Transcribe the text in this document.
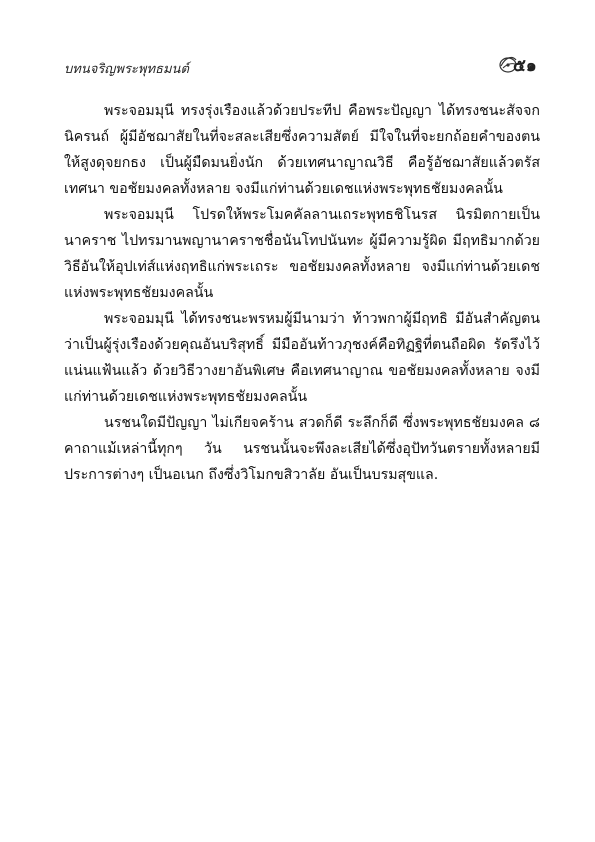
บทนจริญพระพุทธมนต์	๕๑

พระจอมมุนี ทรงรุ่งเรืองแล้วด้วยประทีป คือพระปัญญา ได้ทรงชนะสัจจกนิครนถ์ ผู้มีอัชฌาสัยในที่จะสละเสียซึ่งความสัตย์ มีใจในที่จะยกถ้อยคำของตน ให้สูงดุจยกธง เป็นผู้มืดมนยิ่งนัก ด้วยเทศนาญาณวิธี คือรู้อัชฌาสัยแล้วตรัสเทศนา ขอชัยมงคลทั้งหลาย จงมีแก่ท่านด้วยเดชแห่งพระพุทธชัยมงคลนั้น

พระจอมมุนี โปรดให้พระโมคคัลลานเถระพุทธชิโนรส นิรมิตกายเป็นนาคราช ไปทรมานพญานาคราชชื่อนันโทปนันทะ ผู้มีความรู้ผิด มีฤทธิมากด้วยวิธีอันให้อุปเท่ส์แห่งฤทธิแก่พระเถระ ขอชัยมงคลทั้งหลาย จงมีแก่ท่านด้วยเดชแห่งพระพุทธชัยมงคลนั้น

พระจอมมุนี ได้ทรงชนะพรหมผู้มีนามว่า ท้าวพกาผู้มีฤทธิ มีอันสำคัญตนว่าเป็นผู้รุ่งเรืองด้วยคุณอันบริสุทธิ์ มีมืออันท้าวภุชงค์คือทิฏฐิที่ตนถือผิด รัดรึงไว้แน่นแฟ้นแล้ว ด้วยวิธีวางยาอันพิเศษ คือเทศนาญาณ ขอชัยมงคลทั้งหลาย จงมีแก่ท่านด้วยเดชแห่งพระพุทธชัยมงคลนั้น

นรชนใดมีปัญญา ไม่เกียจคร้าน สวดก็ดี ระลึกก็ดี ซึ่งพระพุทธชัยมงคล ๘ คาถาแม้เหล่านี้ทุกๆ วัน นรชนนั้นจะพึงละเสียได้ซึ่งอุปัทวันตรายทั้งหลายมีประการต่างๆ เป็นอเนก ถึงซึ่งวิโมกขสิวาลัย อันเป็นบรมสุขแล.
